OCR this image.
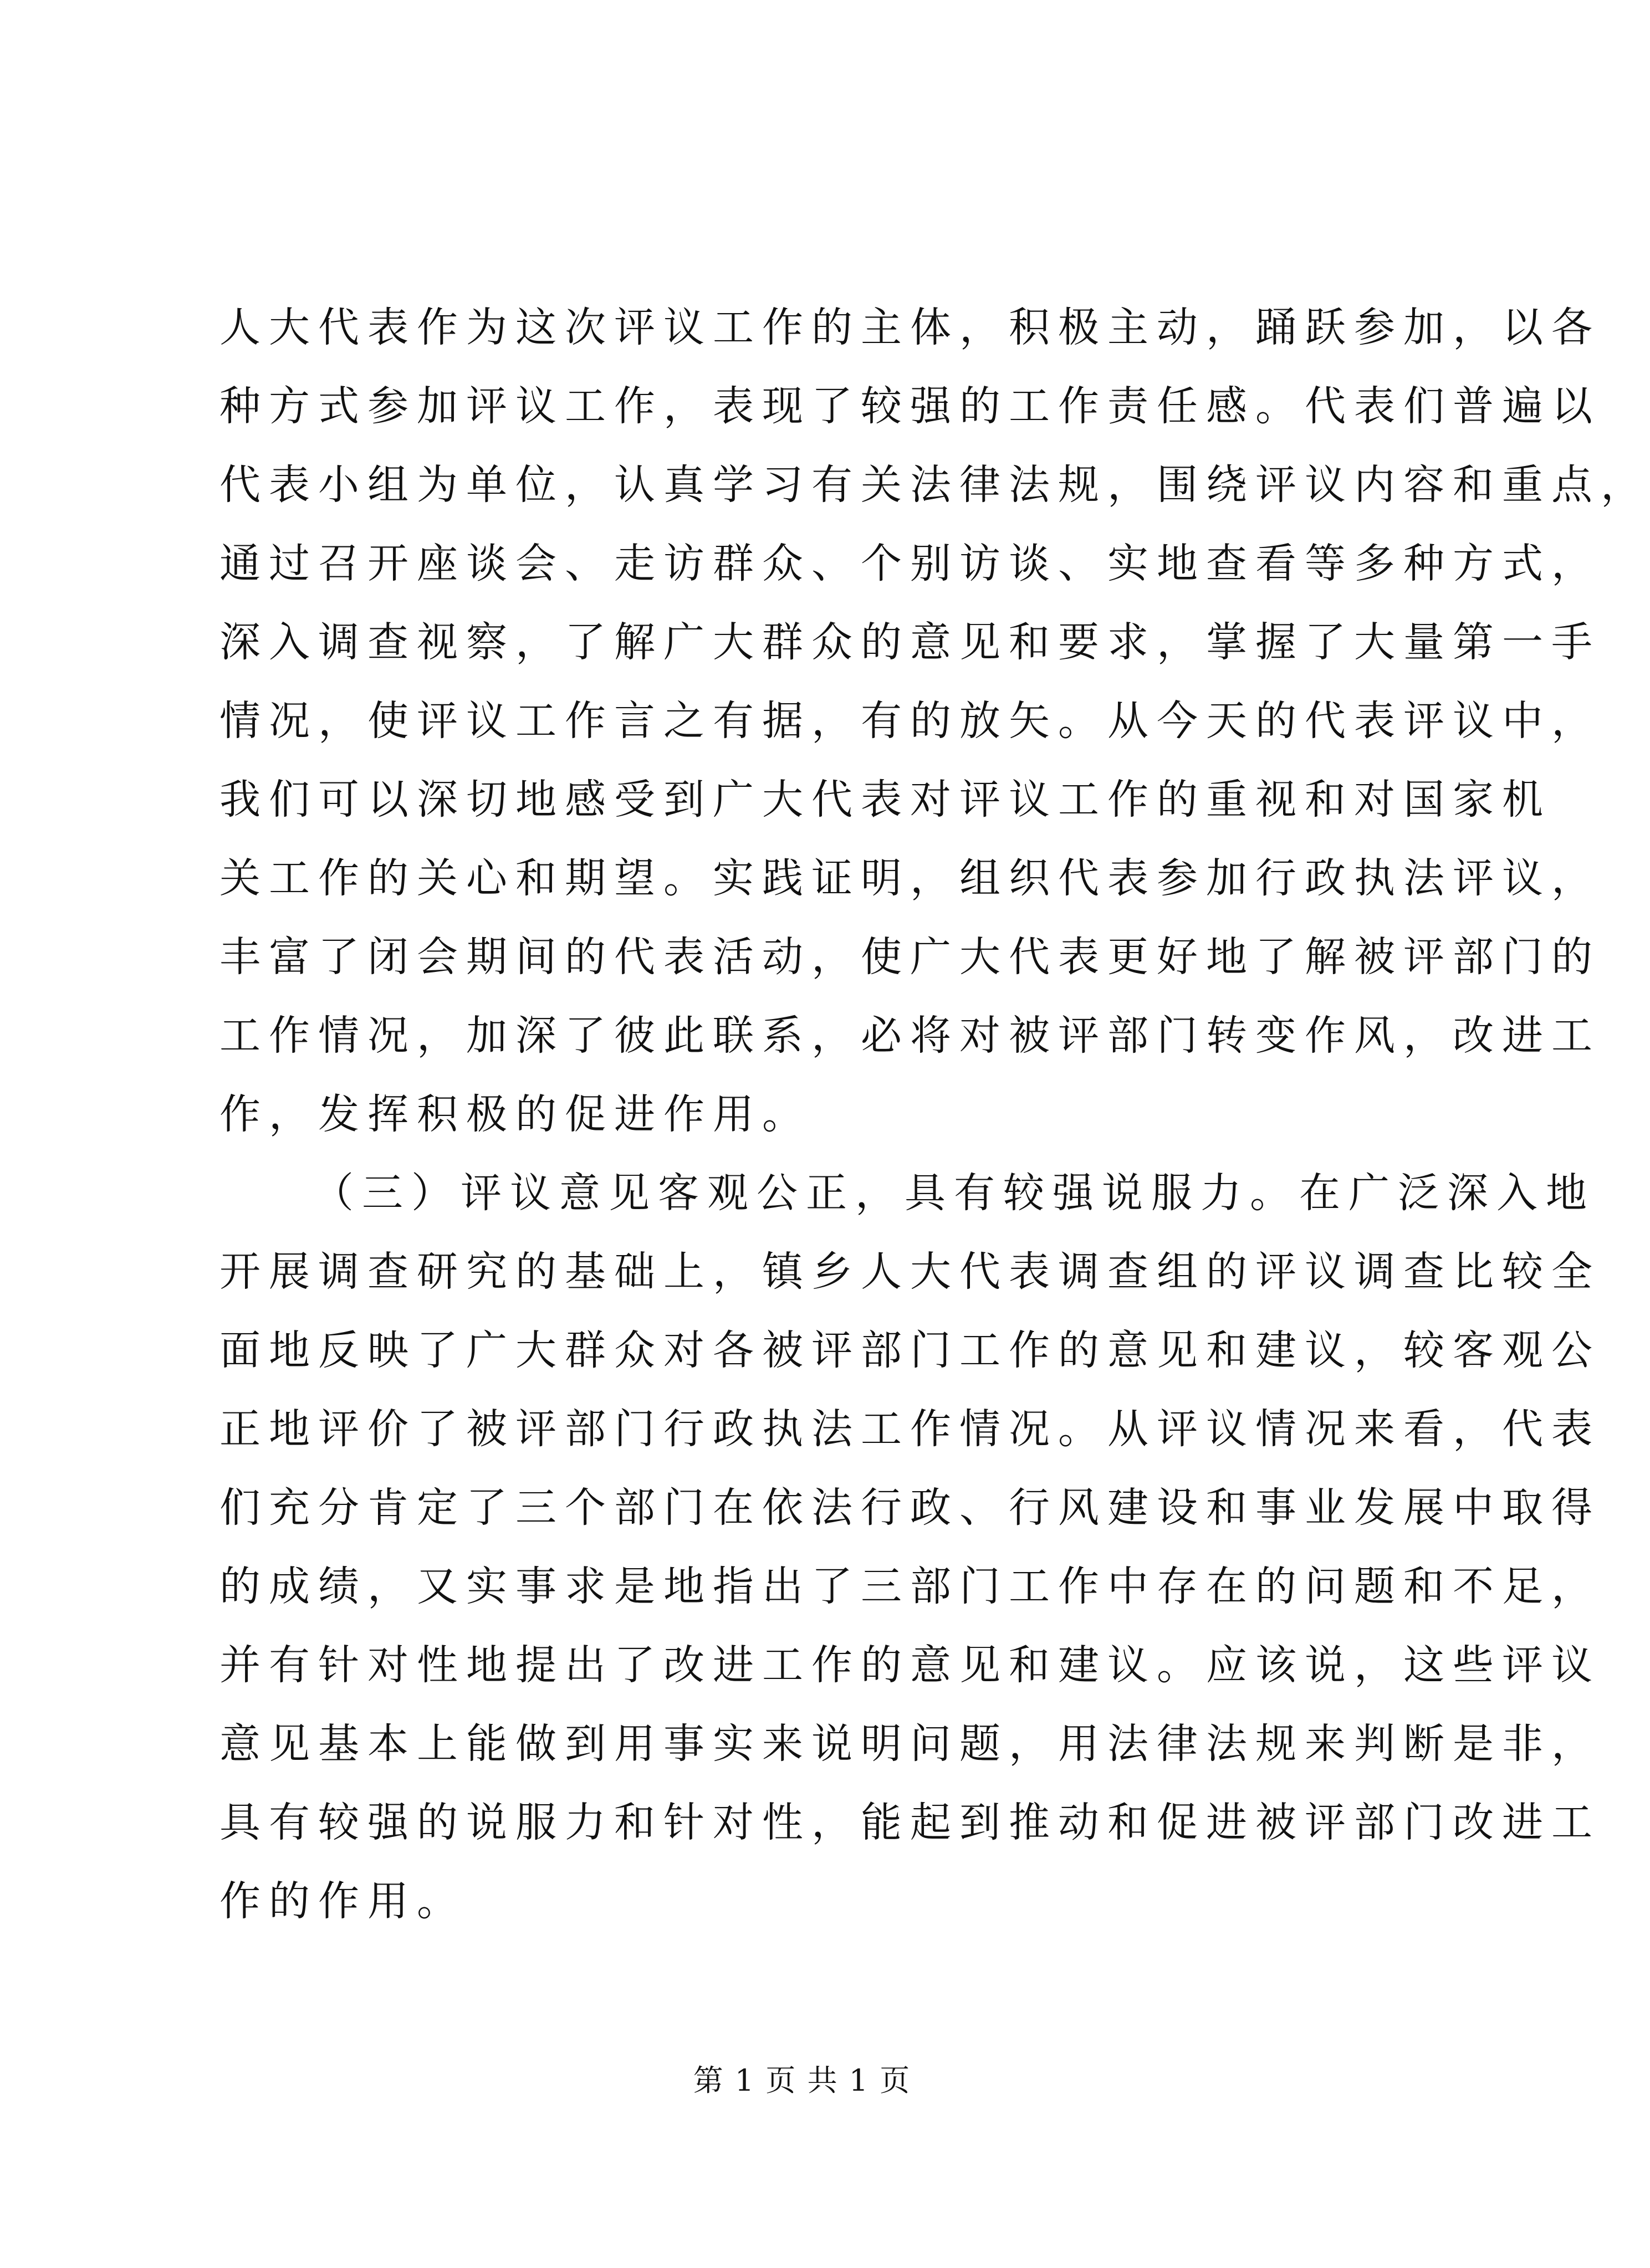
人大代表作为这次评议工作的主体，积极主动，踊跃参加，以各
种方式参加评议工作，表现了较强的工作责任感。代表们普遍以
代表小组为单位，认真学习有关法律法规，围绕评议内容和重点，
通过召开座谈会、走访群众、个别访谈、实地查看等多种方式，
深入调查视察，了解广大群众的意见和要求，掌握了大量第一手
情况，使评议工作言之有据，有的放矢。从今天的代表评议中，
我们可以深切地感受到广大代表对评议工作的重视和对国家机
关工作的关心和期望。实践证明，组织代表参加行政执法评议，
丰富了闭会期间的代表活动，使广大代表更好地了解被评部门的
工作情况，加深了彼此联系，必将对被评部门转变作风，改进工
作，发挥积极的促进作用。
（三）评议意见客观公正，具有较强说服力。在广泛深入地
开展调查研究的基础上，镇乡人大代表调查组的评议调查比较全
面地反映了广大群众对各被评部门工作的意见和建议，较客观公
正地评价了被评部门行政执法工作情况。从评议情况来看，代表
们充分肯定了三个部门在依法行政、行风建设和事业发展中取得
的成绩，又实事求是地指出了三部门工作中存在的问题和不足，
并有针对性地提出了改进工作的意见和建议。应该说，这些评议
意见基本上能做到用事实来说明问题，用法律法规来判断是非，
具有较强的说服力和针对性，能起到推动和促进被评部门改进工
作的作用。
第 1 页 共 1 页
